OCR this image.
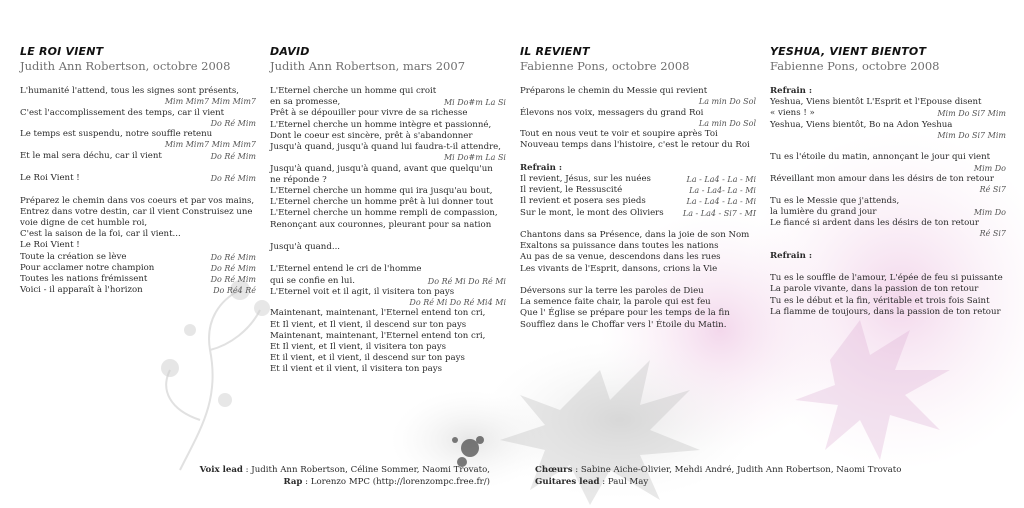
LE ROI VIENT
Judith Ann Robertson, octobre 2008
L'humanité l'attend, tous les signes sont présents,
Mim Mim7 Mim Mim7
C'est l'accomplissement des temps, car il vient
Do Ré Mim
Le temps est suspendu, notre souffle retenu
Mim Mim7 Mim Mim7
Et le mal sera déchu, car il vient	Do Ré Mim
Le Roi Vient !	Do Ré Mim
Préparez le chemin dans vos coeurs et par vos mains,
Entrez dans votre destin, car il vient Construisez une
voie digne de cet humble roi,
C'est la saison de la foi, car il vient...
Le Roi Vient !
Toute la création se lève	Do Ré Mim
Pour acclamer notre champion	Do Ré Mim
Toutes les nations frémissent	Do Ré Mim
Voici - il apparaît à l'horizon	Do Ré4 Ré
DAVID
Judith Ann Robertson, mars 2007
L'Eternel cherche un homme qui croit
en sa promesse,	Mi Do#m La Si
Prêt à se dépouiller pour vivre de sa richesse
L'Eternel cherche un homme intègre et passionné,
Dont le coeur est sincère, prêt à s'abandonner
Jusqu'à quand, jusqu'à quand lui faudra-t-il attendre,
Mi Do#m La Si
Jusqu'à quand, jusqu'à quand, avant que quelqu'un
ne réponde ?
L'Eternel cherche un homme qui ira jusqu'au bout,
L'Eternel cherche un homme prêt à lui donner tout
L'Eternel cherche un homme rempli de compassion,
Renonçant aux couronnes, pleurant pour sa nation
Jusqu'à quand...
L'Eternel entend le cri de l'homme
qui se confie en lui.	Do Ré Mi Do Ré Mi
L'Eternel voit et il agit, il visitera ton pays
Do Ré Mi Do Ré Mi4 Mi
Maintenant, maintenant, l'Eternel entend ton cri,
Et Il vient, et Il vient, il descend sur ton pays
Maintenant, maintenant, l'Eternel entend ton cri,
Et Il vient, et Il vient, il visitera ton pays
Et il vient, et il vient, il descend sur ton pays
Et il vient et il vient, il visitera ton pays
IL REVIENT
Fabienne Pons, octobre 2008
Préparons le chemin du Messie qui revient
La min Do Sol
Élevons nos voix, messagers du grand Roi
La min Do Sol
Tout en nous veut te voir et soupire après Toi
Nouveau temps dans l'histoire, c'est le retour du Roi
Refrain :
Il revient, Jésus, sur les nuées	La - La4 - La - Mi
Il revient, le Ressuscité	La - La4- La - Mi
Il revient et posera ses pieds	La - La4 - La - Mi
Sur le mont, le mont des Oliviers La - La4 - Si7 - MI
Chantons dans sa Présence, dans la joie de son Nom
Exaltons sa puissance dans toutes les nations
Au pas de sa venue, descendons dans les rues
Les vivants de l'Esprit, dansons, crions la Vie
Déversons sur la terre les paroles de Dieu
La semence faite chair, la parole qui est feu
Que l' Église se prépare pour les temps de la fin
Soufflez dans le Choffar vers l' Étoile du Matin.
YESHUA, VIENT BIENTOT
Fabienne Pons, octobre 2008
Refrain :
Yeshua, Viens bientôt L'Esprit et l'Epouse disent
« viens ! »	Mim Do Si7 Mim
Yeshua, Viens bientôt, Bo na Adon Yeshua
Mim Do Si7 Mim
Tu es l'étoile du matin, annonçant le jour qui vient
Mim Do
Réveillant mon amour dans les désirs de ton retour
Ré Si7
Tu es le Messie que j'attends,
la lumière du grand jour	Mim Do
Le fiancé si ardent dans les désirs de ton retour
Ré Si7
Refrain :
Tu es le souffle de l'amour, L'épée de feu si puissante
La parole vivante, dans la passion de ton retour
Tu es le début et la fin, véritable et trois fois Saint
La flamme de toujours, dans la passion de ton retour
Voix lead : Judith Ann Robertson, Céline Sommer, Naomi Trovato,
Rap : Lorenzo MPC (http://lorenzompc.free.fr/)
Chœurs : Sabine Aiche-Olivier, Mehdi André, Judith Ann Robertson, Naomi Trovato
Guitares lead : Paul May
